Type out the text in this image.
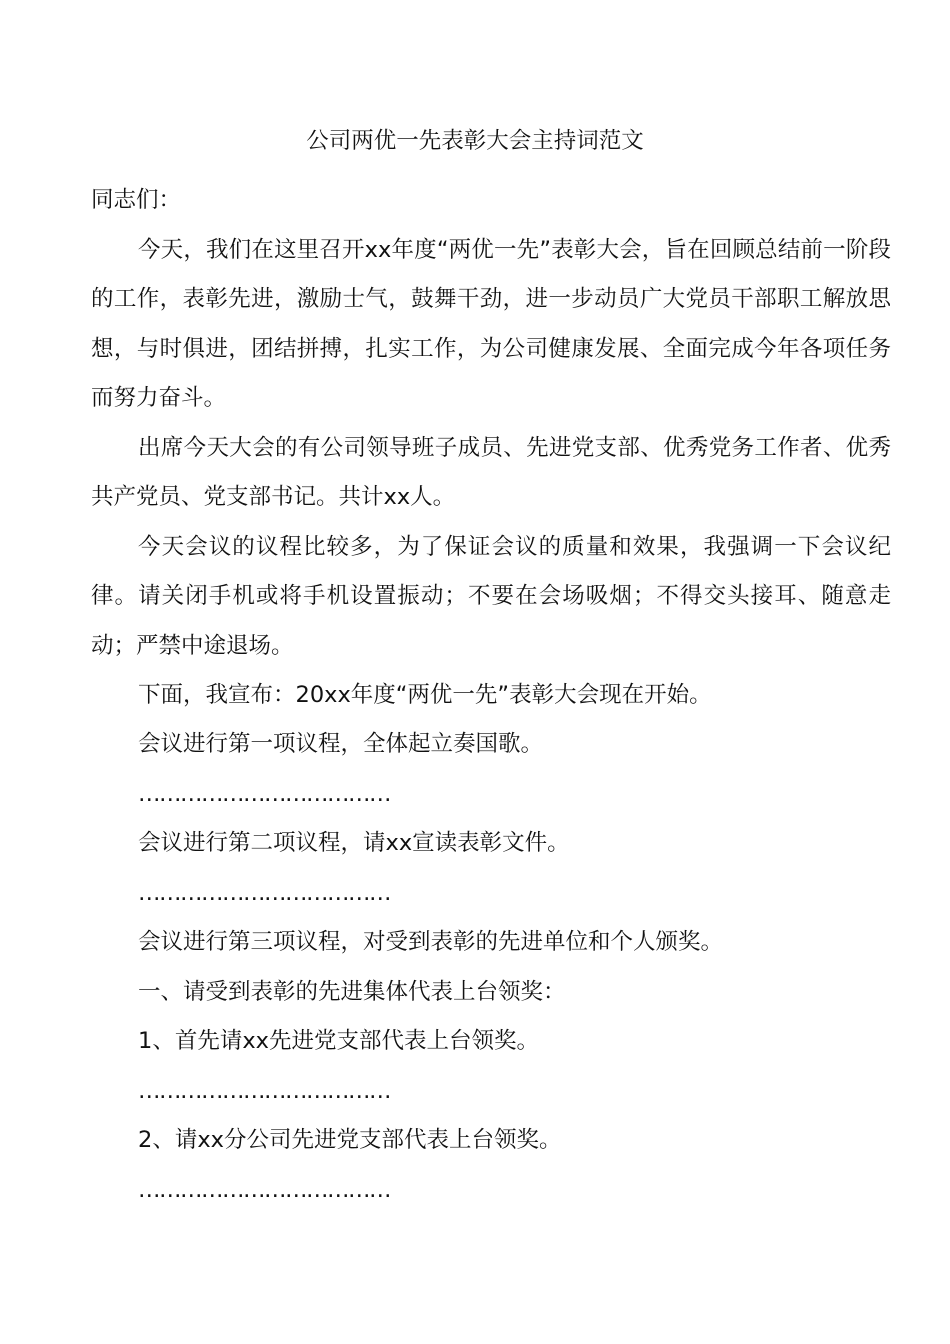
公司两优一先表彰大会主持词范文

同志们：

今天，我们在这里召开xx年度“两优一先”表彰大会，旨在回顾总结前一阶段的工作，表彰先进，激励士气，鼓舞干劲，进一步动员广大党员干部职工解放思想，与时俱进，团结拼搏，扎实工作，为公司健康发展、全面完成今年各项任务而努力奋斗。

出席今天大会的有公司领导班子成员、先进党支部、优秀党务工作者、优秀共产党员、党支部书记。共计xx人。

今天会议的议程比较多，为了保证会议的质量和效果，我强调一下会议纪律。请关闭手机或将手机设置振动；不要在会场吸烟；不得交头接耳、随意走动；严禁中途退场。

下面，我宣布：20xx年度“两优一先”表彰大会现在开始。
会议进行第一项议程，全体起立奏国歌。
………………………………
会议进行第二项议程，请xx宣读表彰文件。
………………………………
会议进行第三项议程，对受到表彰的先进单位和个人颁奖。
一、请受到表彰的先进集体代表上台领奖：
1、首先请xx先进党支部代表上台领奖。
………………………………
2、请xx分公司先进党支部代表上台领奖。
………………………………
